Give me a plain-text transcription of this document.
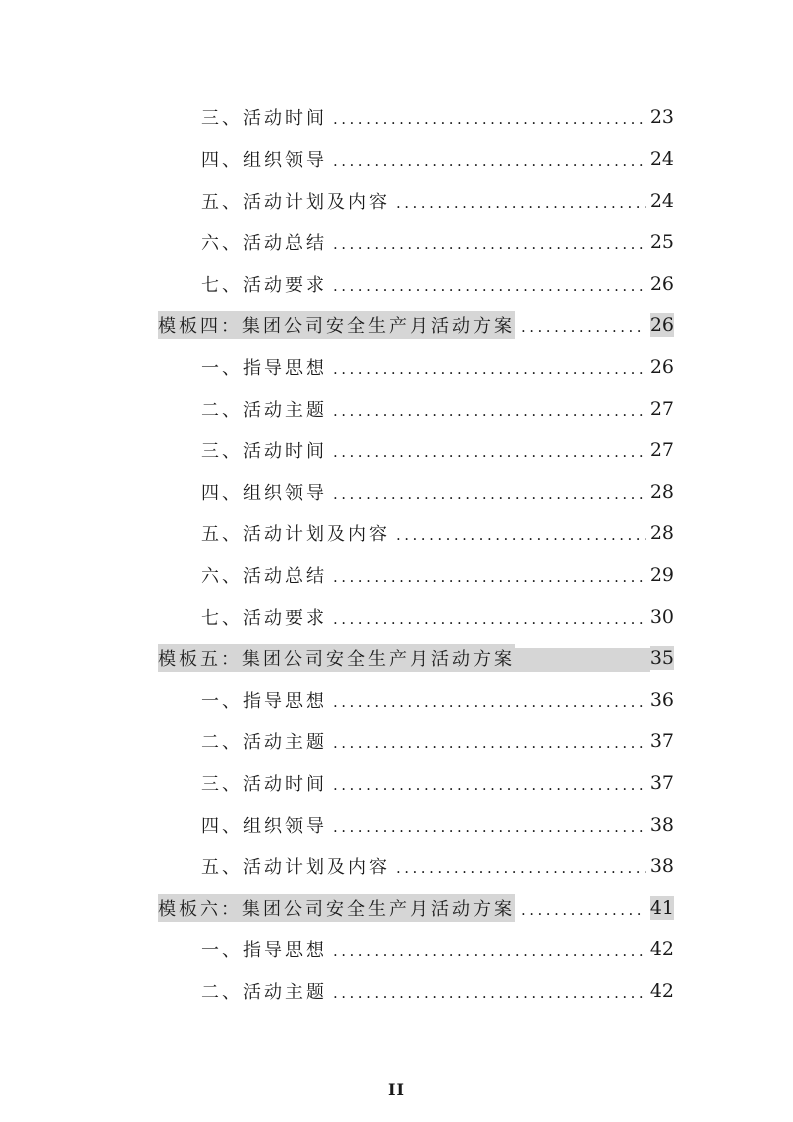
三、活动时间 .....	23
四、组织领导 .....	24
五、活动计划及内容 .....	24
六、活动总结 .....	25
七、活动要求 .....	26
模板四：集团公司安全生产月活动方案 .....	26
一、指导思想 .....	26
二、活动主题 .....	27
三、活动时间 .....	27
四、组织领导 .....	28
五、活动计划及内容 .....	28
六、活动总结 .....	29
七、活动要求 .....	30
模板五：集团公司安全生产月活动方案	35
一、指导思想 .....	36
二、活动主题 .....	37
三、活动时间 .....	37
四、组织领导 .....	38
五、活动计划及内容 .....	38
模板六：集团公司安全生产月活动方案 .....	41
一、指导思想 .....	42
二、活动主题 .....	42
II
